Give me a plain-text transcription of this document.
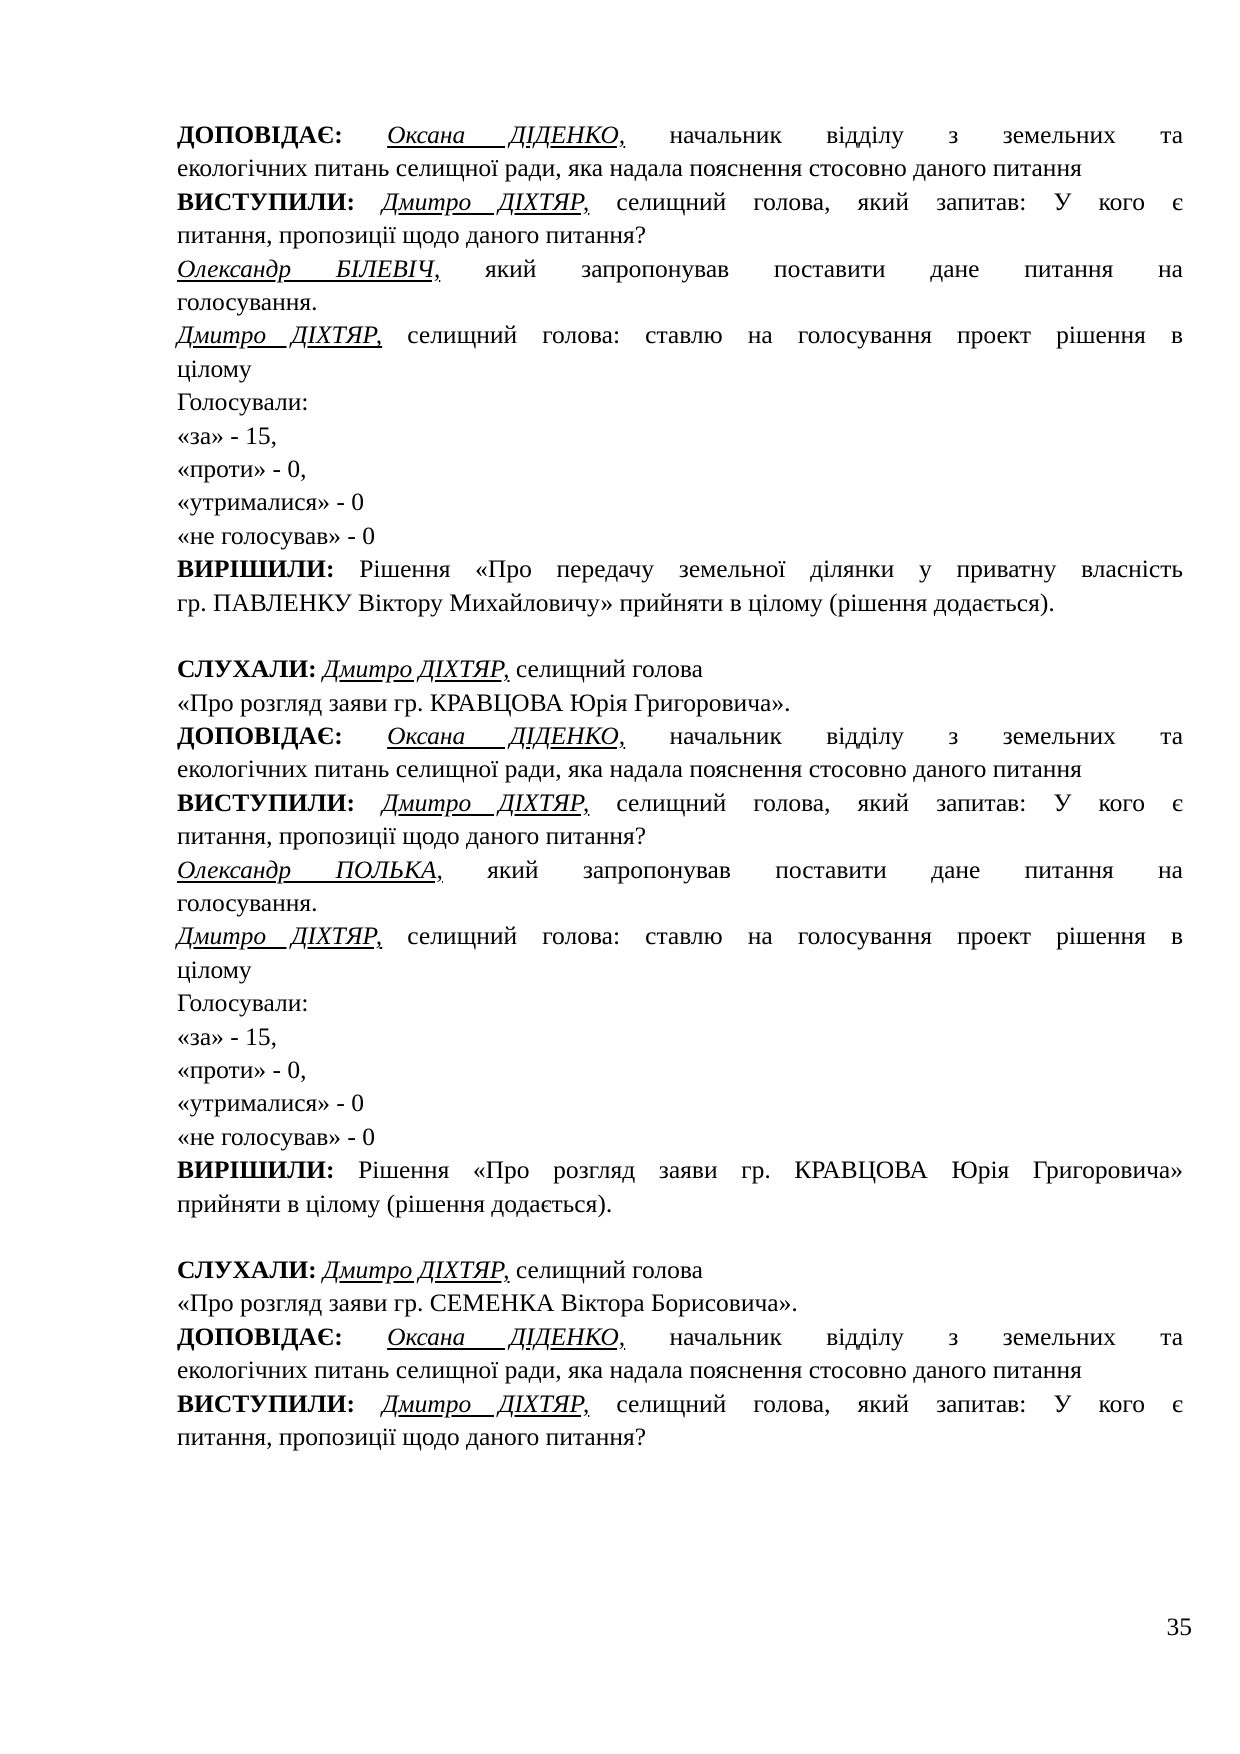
ДОПОВІДАЄ: Оксана ДІДЕНКО, начальник відділу з земельних та

екологічних питань селищної ради, яка надала пояснення стосовно даного питання

ВИСТУПИЛИ: Дмитро ДІХТЯР, селищний голова, який запитав: У кого є

питання, пропозиції щодо даного питання?

Олександр БІЛЕВІЧ, який запропонував поставити дане питання на

голосування.

Дмитро ДІХТЯР, селищний голова: ставлю на голосування проект рішення в

цілому

Голосували:

«за» - 15,

«проти» - 0,

«утрималися» - 0

«не голосував» - 0

ВИРІШИЛИ: Рішення «Про передачу земельної ділянки у приватну власність

гр. ПАВЛЕНКУ Віктору Михайловичу» прийняти в цілому (рішення додається).

СЛУХАЛИ: Дмитро ДІХТЯР, селищний голова

«Про розгляд заяви гр. КРАВЦОВА Юрія Григоровича».

ДОПОВІДАЄ: Оксана ДІДЕНКО, начальник відділу з земельних та

екологічних питань селищної ради, яка надала пояснення стосовно даного питання

ВИСТУПИЛИ: Дмитро ДІХТЯР, селищний голова, який запитав: У кого є

питання, пропозиції щодо даного питання?

Олександр ПОЛЬКА, який запропонував поставити дане питання на

голосування.

Дмитро ДІХТЯР, селищний голова: ставлю на голосування проект рішення в

цілому

Голосували:

«за» - 15,

«проти» - 0,

«утрималися» - 0

«не голосував» - 0

ВИРІШИЛИ: Рішення «Про розгляд заяви гр. КРАВЦОВА Юрія Григоровича»

прийняти в цілому (рішення додається).

СЛУХАЛИ: Дмитро ДІХТЯР, селищний голова

«Про розгляд заяви гр. СЕМЕНКА Віктора Борисовича».

ДОПОВІДАЄ: Оксана ДІДЕНКО, начальник відділу з земельних та

екологічних питань селищної ради, яка надала пояснення стосовно даного питання

ВИСТУПИЛИ: Дмитро ДІХТЯР, селищний голова, який запитав: У кого є

питання, пропозиції щодо даного питання?

35
